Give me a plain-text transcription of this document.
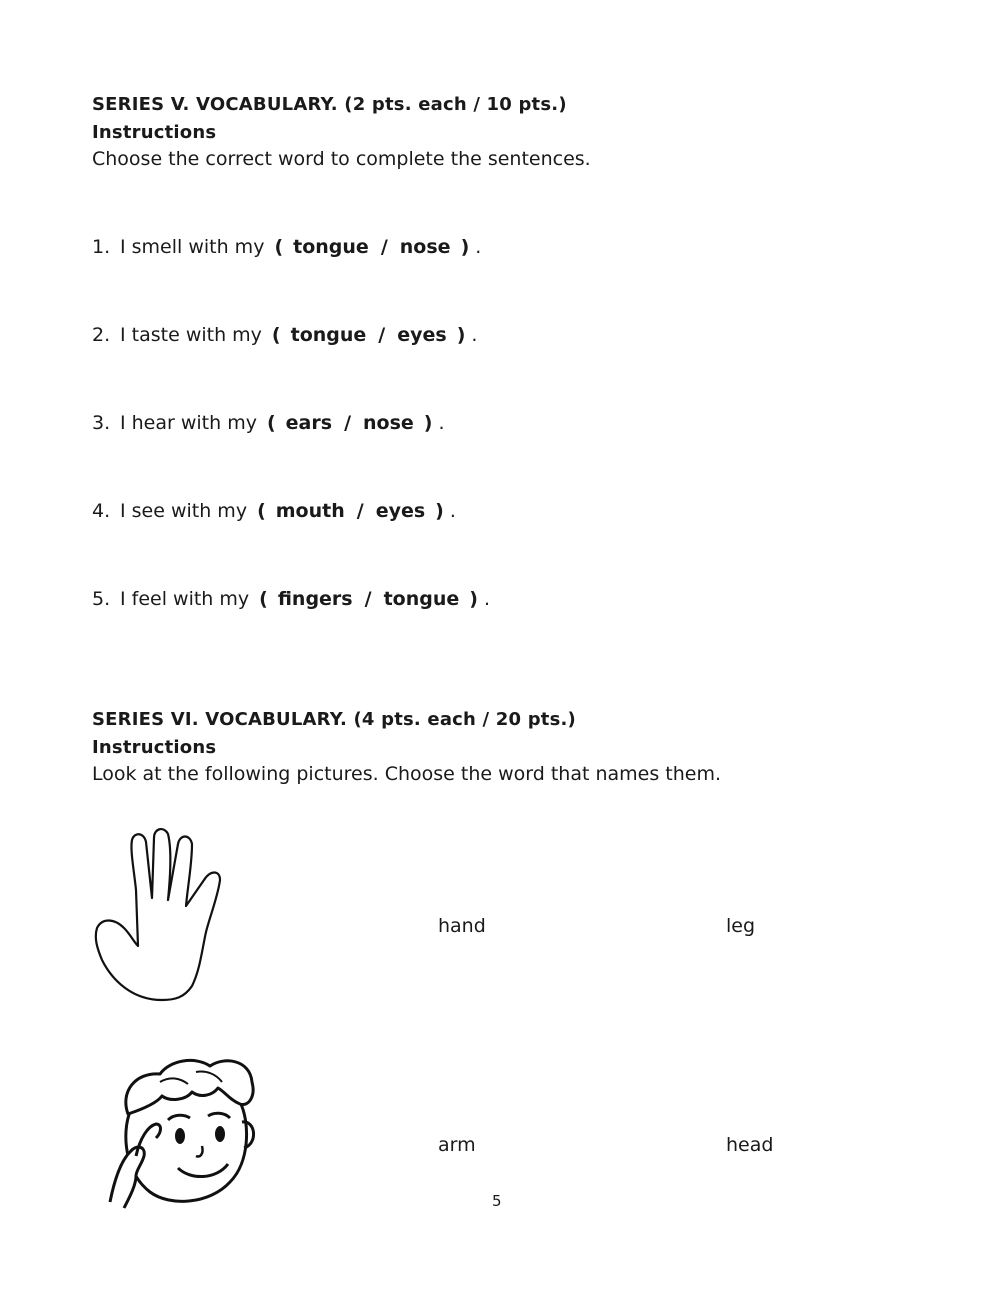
SERIES V. VOCABULARY. (2 pts. each / 10 pts.)
Instructions
Choose the correct word to complete the sentences.
1. I smell with my ( tongue / nose ) .
2. I taste with my ( tongue / eyes ) .
3. I hear with my ( ears / nose ) .
4. I see with my ( mouth / eyes ) .
5. I feel with my ( fingers / tongue ) .
SERIES VI. VOCABULARY. (4 pts. each / 20 pts.)
Instructions
Look at the following pictures. Choose the word that names them.
hand	leg
arm	head
5
